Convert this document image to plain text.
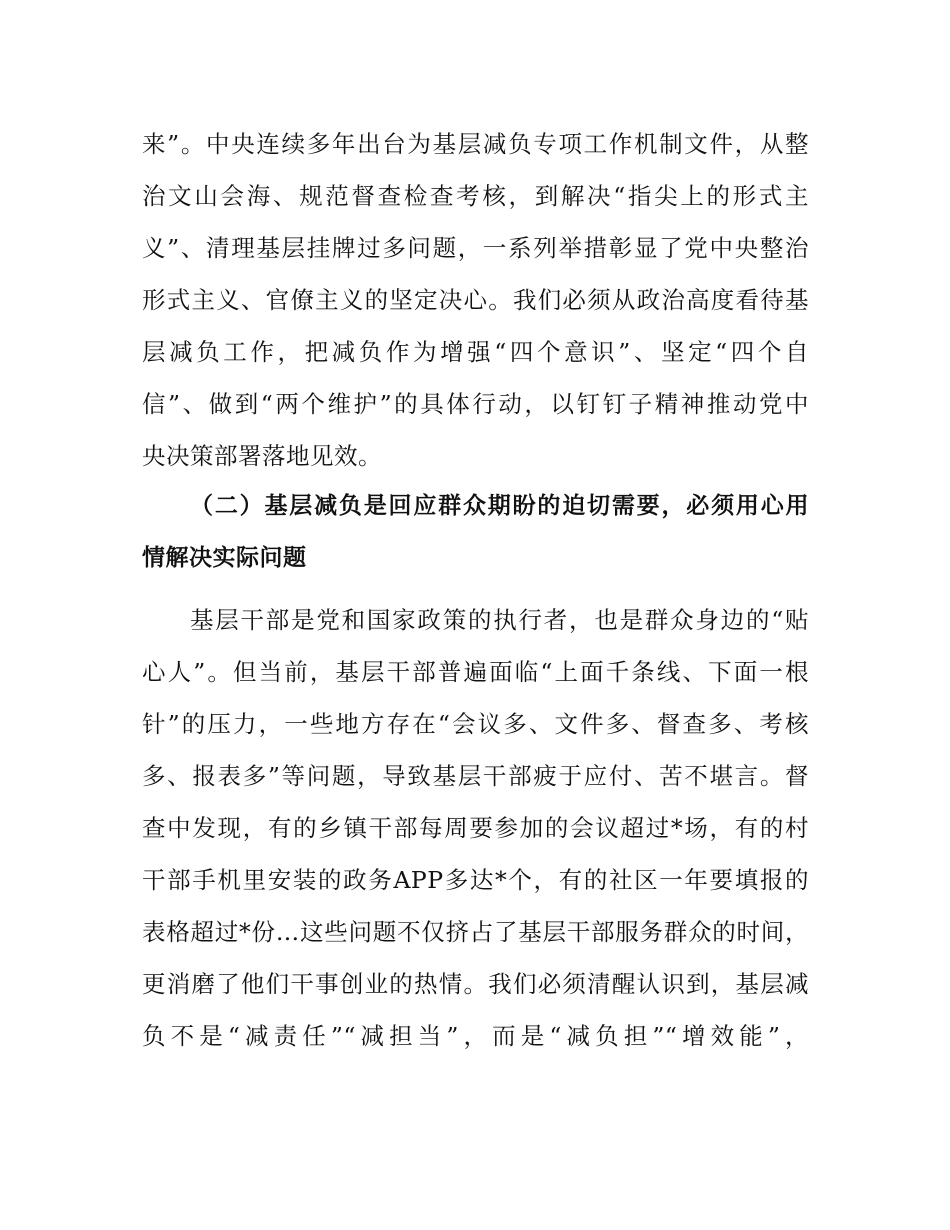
来”。中央连续多年出台为基层减负专项工作机制文件，从整
治文山会海、规范督查检查考核，到解决“指尖上的形式主
义”、清理基层挂牌过多问题，一系列举措彰显了党中央整治
形式主义、官僚主义的坚定决心。我们必须从政治高度看待基
层减负工作，把减负作为增强“四个意识”、坚定“四个自
信”、做到“两个维护”的具体行动，以钉钉子精神推动党中
央决策部署落地见效。
（二）基层减负是回应群众期盼的迫切需要，必须用心用
情解决实际问题
基层干部是党和国家政策的执行者，也是群众身边的“贴
心人”。但当前，基层干部普遍面临“上面千条线、下面一根
针”的压力，一些地方存在“会议多、文件多、督查多、考核
多、报表多”等问题，导致基层干部疲于应付、苦不堪言。督
查中发现，有的乡镇干部每周要参加的会议超过*场，有的村
干部手机里安装的政务APP多达*个，有的社区一年要填报的
表格超过*份…这些问题不仅挤占了基层干部服务群众的时间，
更消磨了他们干事创业的热情。我们必须清醒认识到，基层减
负不是“减责任”“减担当”，而是“减负担”“增效能”，
